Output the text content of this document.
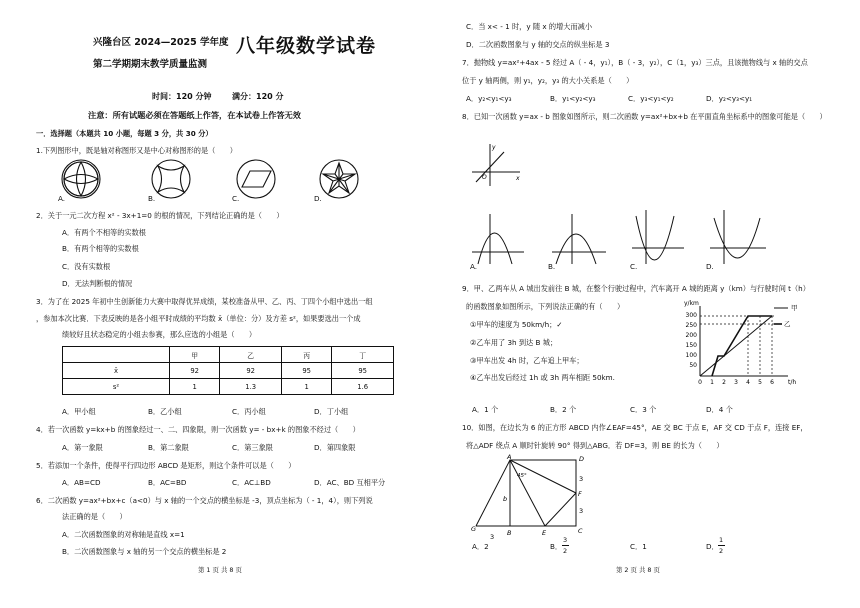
兴隆台区 2024—2025 学年度
第二学期期末教学质量监测
八年级数学试卷
时间：120 分钟	满分：120 分
注意：所有试题必须在答题纸上作答，在本试卷上作答无效
一．选择题（本题共 10 小题，每题 3 分，共 30 分）
1.下列图形中，既是轴对称图形又是中心对称图形的是（　　）
A.	B.	C.	D.
2．关于一元二次方程 x² - 3x+1=0 的根的情况，下列结论正确的是（　　）
A．有两个不相等的实数根
B．有两个相等的实数根
C．没有实数根
D．无法判断根的情况
3．为了在 2025 年初中生创新能力大赛中取得优异成绩，某校准备从甲、乙、丙、丁四个小组中选出一组
，参加本次比赛．下表反映的是各小组平时成绩的平均数 x̄（单位：分）及方差 s²，如果要选出一个成
绩较好且状态稳定的小组去参赛，那么应选的小组是（　　）
	甲	乙	丙	丁
x̄	92	92	95	95
s²	1	1.3	1	1.6
A．甲小组	B．乙小组	C．丙小组	D．丁小组
4．若一次函数 y=kx+b 的图象经过一、二、四象限，则一次函数 y= - bx+k 的图象不经过（　　）
A．第一象限	B．第二象限	C．第三象限	D．第四象限
5．若添加一个条件，使得平行四边形 ABCD 是矩形，则这个条件可以是（　　）
A．AB=CD	B．AC=BD	C．AC⊥BD	D．AC、BD 互相平分
6．二次函数 y=ax²+bx+c（a<0）与 x 轴的一个交点的横坐标是 -3，顶点坐标为（ - 1，4），则下列说
法正确的是（　　）
A．二次函数图象的对称轴是直线 x=1
B．二次函数图象与 x 轴的另一个交点的横坐标是 2
第 1 页 共 8 页
C．当 x< - 1 时，y 随 x 的增大而减小
D．二次函数图象与 y 轴的交点的纵坐标是 3
7．抛物线 y=ax²+4ax - 5 经过 A（ - 4，y₁），B（ - 3，y₂），C（1，y₃）三点，且该抛物线与 x 轴的交点
位于 y 轴两侧，则 y₁，y₂，y₃ 的大小关系是（　　）
A．y₂<y₁<y₃	B．y₁<y₂<y₃	C．y₃<y₁<y₂	D．y₂<y₃<y₁
8．已知一次函数 y=ax - b 图象如图所示，则二次函数 y=ax²+bx+b 在平面直角坐标系中的图象可能是（　　）
y
x
O
A.	B.	C.	D.
9．甲、乙两车从 A 城出发前往 B 城，在整个行驶过程中，汽车离开 A 城的距离 y（km）与行驶时间 t（h）
的函数图象如图所示，下列说法正确的有（　　）
①甲车的速度为 50km/h；✓
②乙车用了 3h 到达 B 城；
③甲车出发 4h 时，乙车追上甲车；
④乙车出发后经过 1h 或 3h 两车相距 50km.
y/km
t/h
300
250
200
150
100
50
0 1 2 3 4 5 6
甲
乙
A．1 个	B．2 个	C．3 个	D．4 个
10．如图，在边长为 6 的正方形 ABCD 内作∠EAF=45°，AE 交 BC 于点 E，AF 交 CD 于点 F，连接 EF，
将△ADF 绕点 A 顺时针旋转 90° 得到△ABG．若 DF=3，则 BE 的长为（　　）
A	D
F
G	B	E	C
b
45°
3
3
3
A．2	B．
3
2	C．1	D．
1
2
第 2 页 共 8 页
